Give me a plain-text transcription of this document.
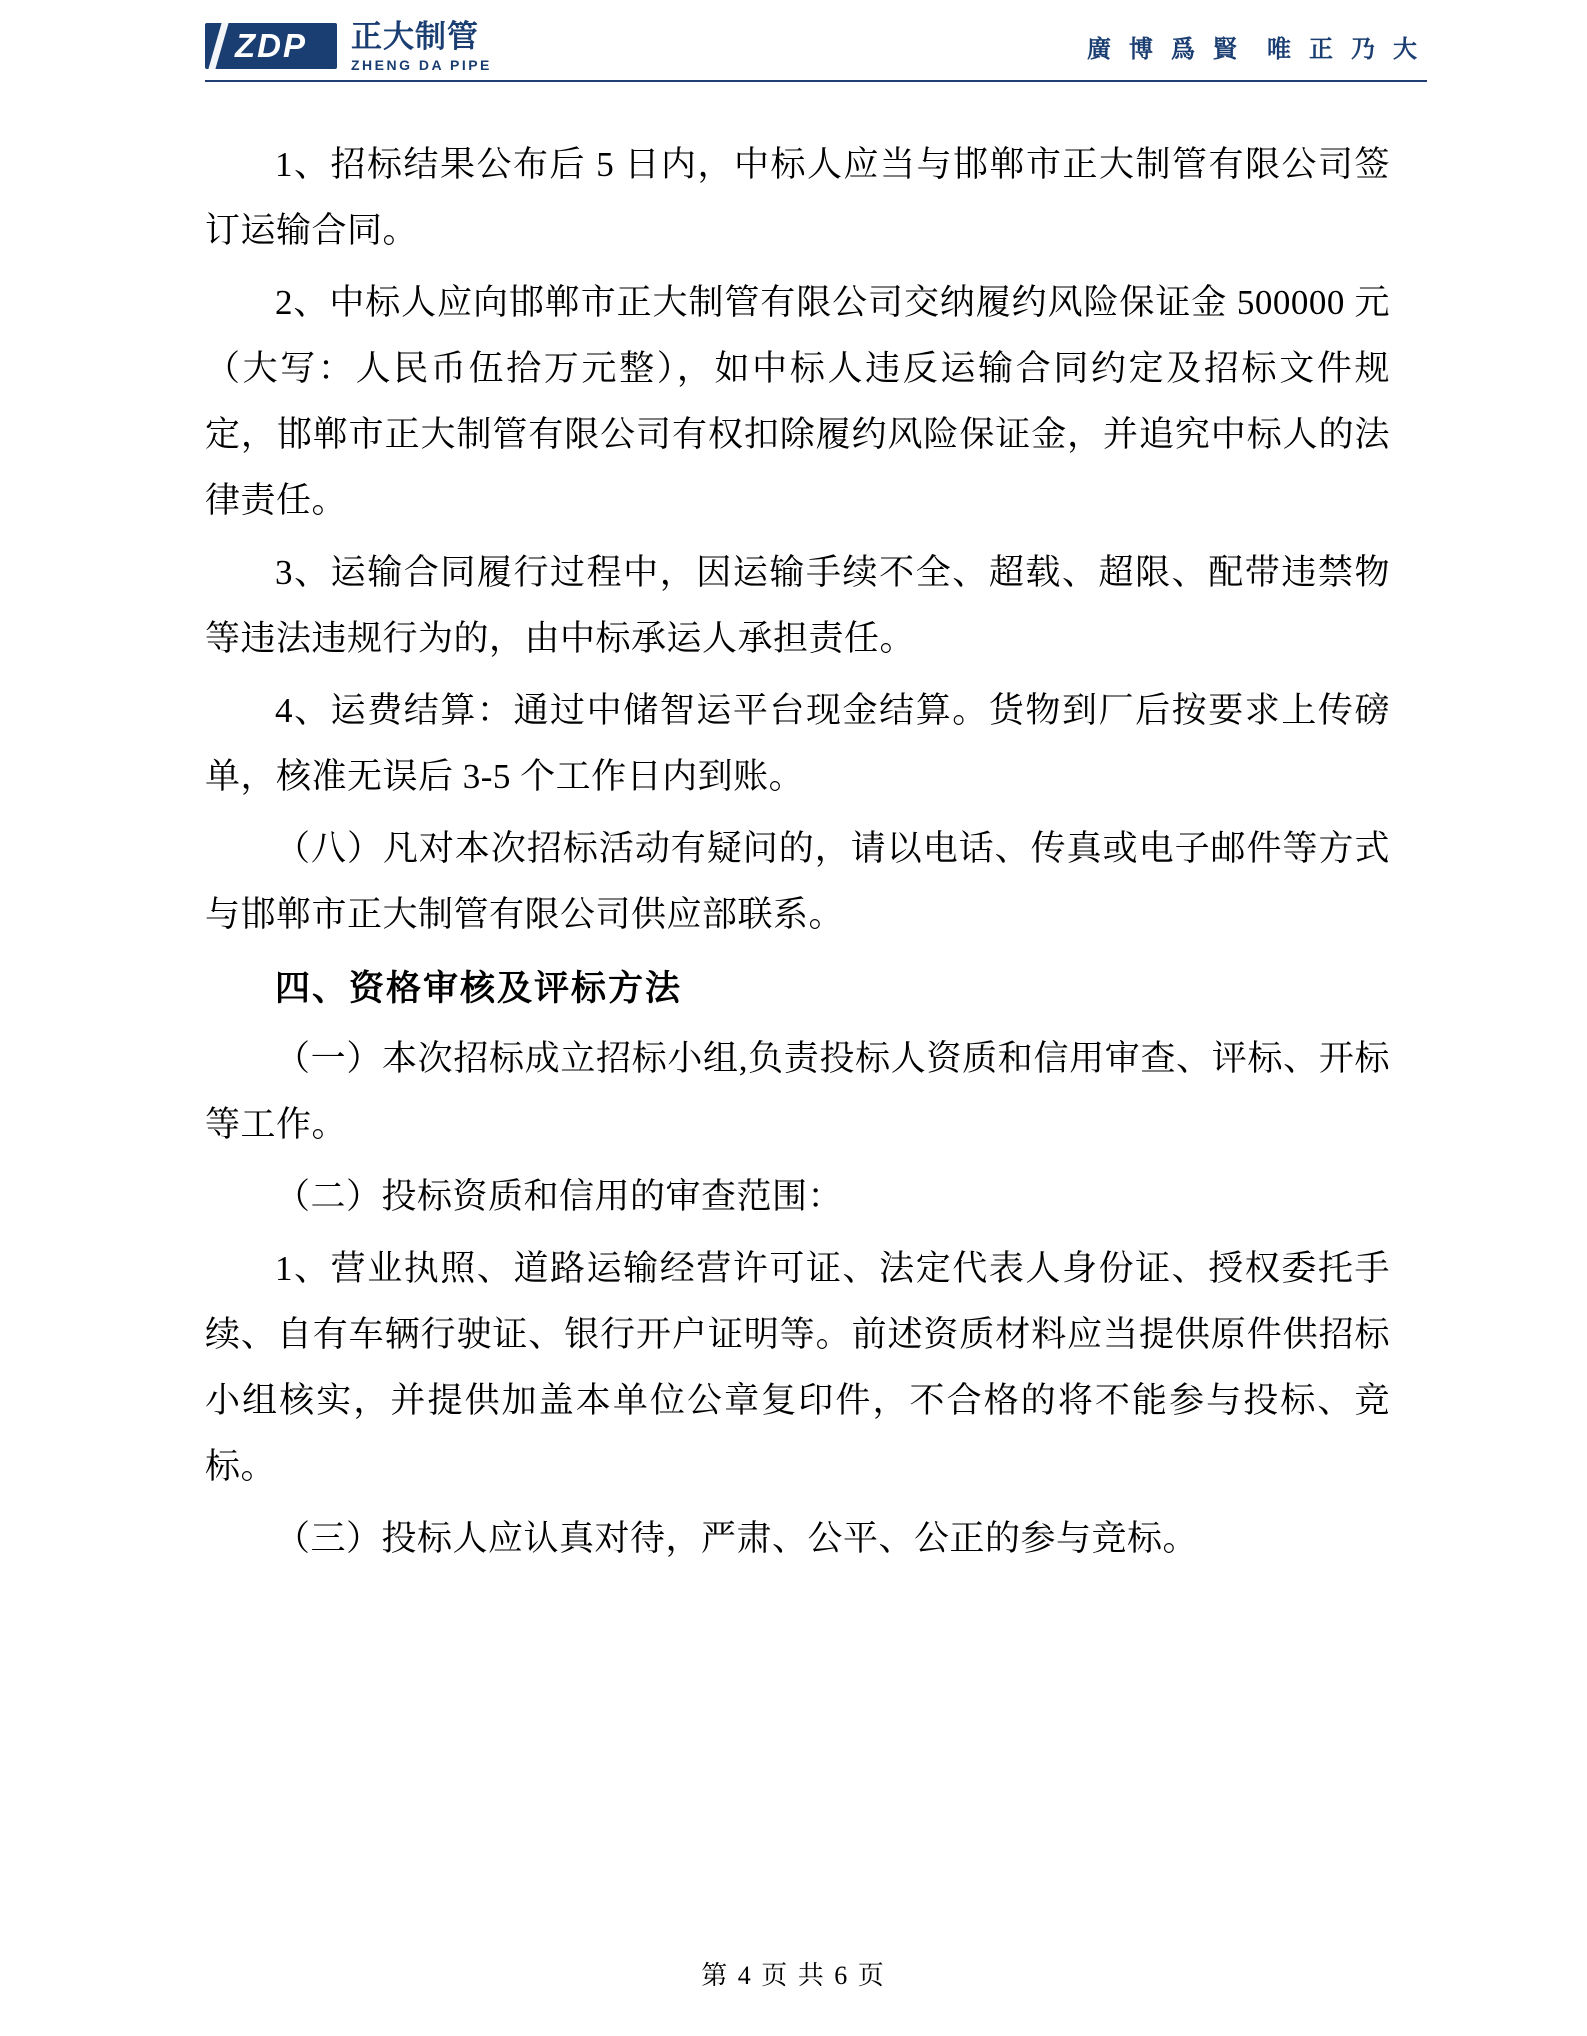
ZDP 正大制管
ZHENG DA PIPE
廣 博 爲 賢 唯 正 乃 大

1、招标结果公布后 5 日内，中标人应当与邯郸市正大制管有限公司签订运输合同。

2、中标人应向邯郸市正大制管有限公司交纳履约风险保证金 500000 元（大写：人民币伍拾万元整），如中标人违反运输合同约定及招标文件规定，邯郸市正大制管有限公司有权扣除履约风险保证金，并追究中标人的法律责任。

3、运输合同履行过程中，因运输手续不全、超载、超限、配带违禁物等违法违规行为的，由中标承运人承担责任。

4、运费结算：通过中储智运平台现金结算。货物到厂后按要求上传磅单，核准无误后 3-5 个工作日内到账。

（八）凡对本次招标活动有疑问的，请以电话、传真或电子邮件等方式与邯郸市正大制管有限公司供应部联系。

四、资格审核及评标方法

（一）本次招标成立招标小组,负责投标人资质和信用审查、评标、开标等工作。

（二）投标资质和信用的审查范围：

1、营业执照、道路运输经营许可证、法定代表人身份证、授权委托手续、自有车辆行驶证、银行开户证明等。前述资质材料应当提供原件供招标小组核实，并提供加盖本单位公章复印件，不合格的将不能参与投标、竞标。

（三）投标人应认真对待，严肃、公平、公正的参与竞标。

第 4 页 共 6 页
